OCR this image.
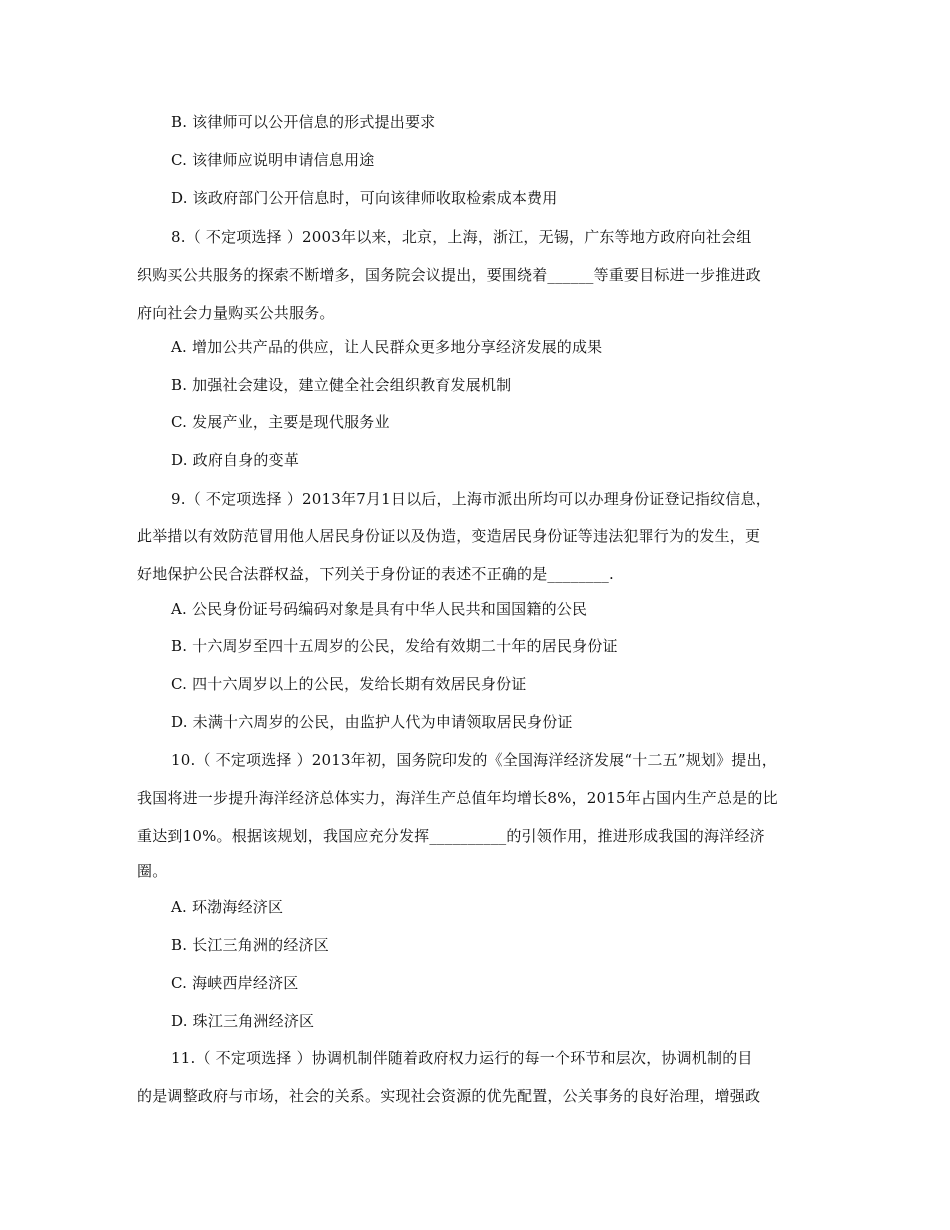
B. 该律师可以公开信息的形式提出要求
C. 该律师应说明申请信息用途
D. 该政府部门公开信息时，可向该律师收取检索成本费用
8.（ 不定项选择 ）2003年以来，北京，上海，浙江，无锡，广东等地方政府向社会组
织购买公共服务的探索不断增多，国务院会议提出，要围绕着______等重要目标进一步推进政
府向社会力量购买公共服务。
A. 增加公共产品的供应，让人民群众更多地分享经济发展的成果
B. 加强社会建设，建立健全社会组织教育发展机制
C. 发展产业，主要是现代服务业
D. 政府自身的变革
9.（ 不定项选择 ）2013年7月1日以后，上海市派出所均可以办理身份证登记指纹信息，
此举措以有效防范冒用他人居民身份证以及伪造，变造居民身份证等违法犯罪行为的发生，更
好地保护公民合法群权益，下列关于身份证的表述不正确的是________.
A. 公民身份证号码编码对象是具有中华人民共和国国籍的公民
B. 十六周岁至四十五周岁的公民，发给有效期二十年的居民身份证
C. 四十六周岁以上的公民，发给长期有效居民身份证
D. 未满十六周岁的公民，由监护人代为申请领取居民身份证
10.（ 不定项选择 ）2013年初，国务院印发的《全国海洋经济发展“十二五”规划》提出，
我国将进一步提升海洋经济总体实力，海洋生产总值年均增长8%，2015年占国内生产总是的比
重达到10%。根据该规划，我国应充分发挥__________的引领作用，推进形成我国的海洋经济
圈。
A. 环渤海经济区
B. 长江三角洲的经济区
C. 海峡西岸经济区
D. 珠江三角洲经济区
11.（ 不定项选择 ）协调机制伴随着政府权力运行的每一个环节和层次，协调机制的目
的是调整政府与市场，社会的关系。实现社会资源的优先配置，公关事务的良好治理，增强政
